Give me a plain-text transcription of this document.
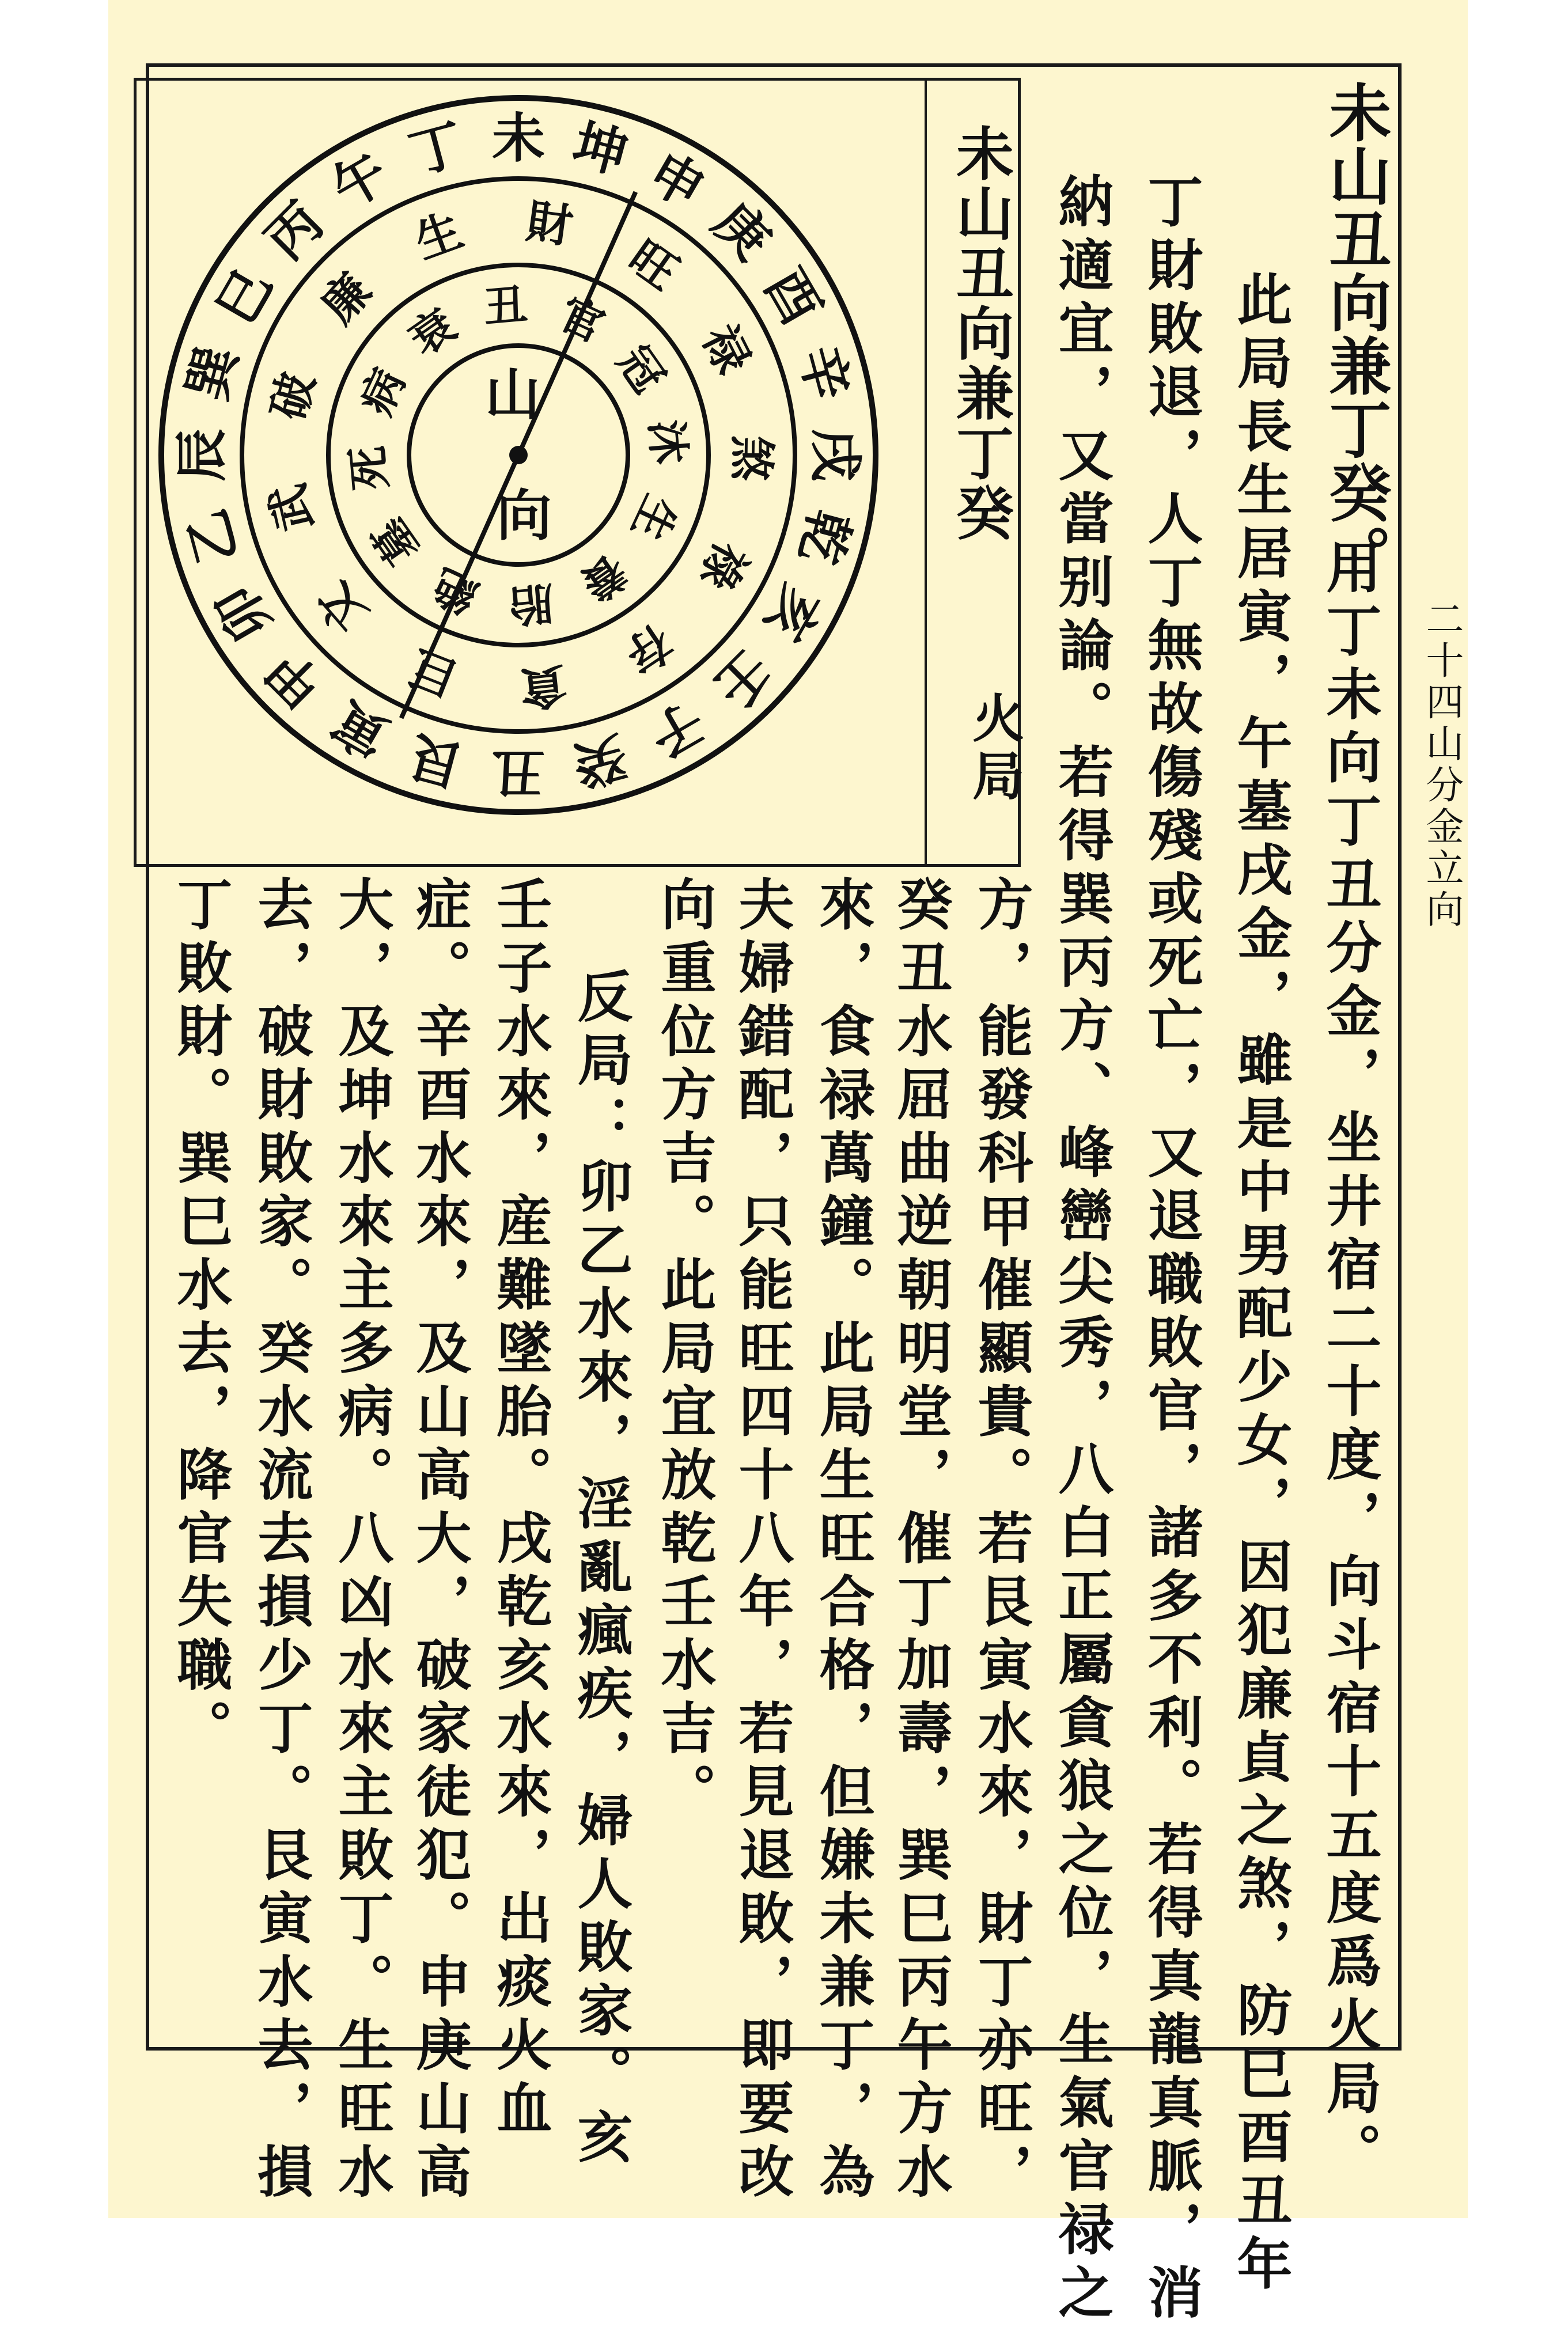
二十四山分金立向
未山丑向兼丁癸。
用丁未向丁丑分金，坐井宿二十度，向斗宿十五度爲火局。
此局長生居寅，午墓戌金，雖是中男配少女，因犯廉貞之煞，防巳酉丑年
丁財敗退，人丁無故傷殘或死亡，又退職敗官，諸多不利。若得真龍真脈，消
納適宜，又當别論。若得巽丙方、峰巒尖秀，八白正屬貪狼之位，生氣官禄之
方，能發科甲催顯貴。若艮寅水來，財丁亦旺，
癸丑水屈曲逆朝明堂，催丁加壽，巽巳丙午方水
來，食禄萬鐘。此局生旺合格，但嫌未兼丁，為
夫婦錯配，只能旺四十八年，若見退敗，即要改
向重位方吉。此局宜放乾壬水吉。
反局：卯乙水來，淫亂瘋疾，婦人敗家。亥
壬子水來，産難墜胎。戌乾亥水來，出痰火血
症。辛酉水來，及山高大，破家徒犯。申庚山高
大，及坤水來主多病。八凶水來主敗丁。生旺水
去，破財敗家。癸水流去損少丁。艮寅水去，損
丁敗財。巽巳水去，降官失職。
未山丑向兼丁癸
火局
丁 未 坤 申
庚
酉
辛
戌
乾
亥
壬
子
癸
丑
艮
寅
甲
卯
乙
辰
巽
巳
丙
午
生 財
旺
禄
煞
祿
存
貪
巨
文
武
破
廉 丑 官
冠
沐
生
養
胎
絶
墓
死
病
衰
山
向
